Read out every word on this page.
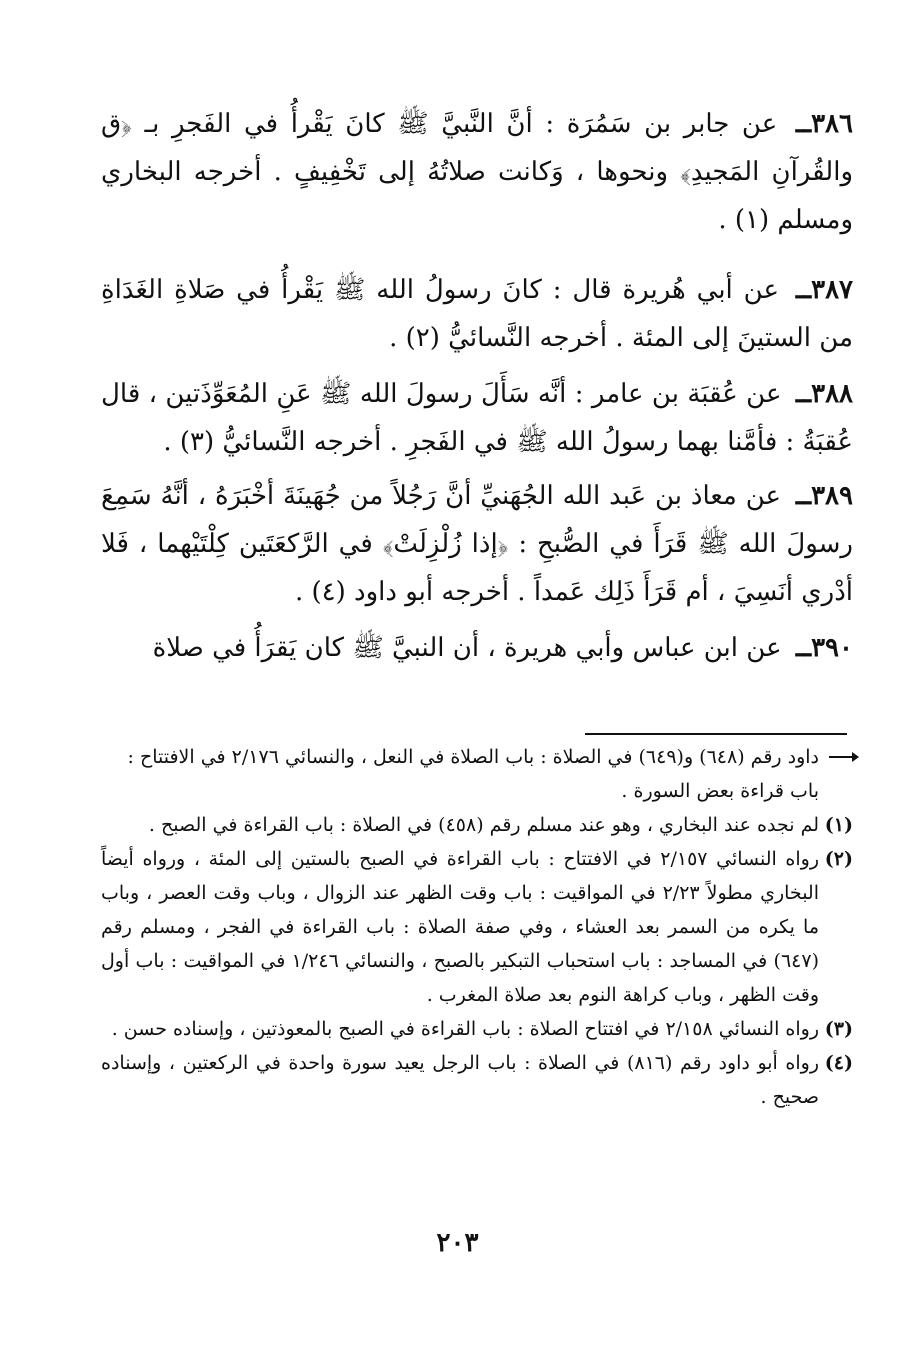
٣٨٦ــ عن جابر بن سَمُرَة : أنَّ النَّبيَّ ﷺ كانَ يَقْرأُ في الفَجرِ بـ ﴿ق والقُرآنِ المَجيدِ﴾ ونحوها ، وَكانت صلاتُهُ إلى تَخْفِيفٍ . أخرجه البخاري ومسلم (١) .

٣٨٧ــ عن أبي هُريرة قال : كانَ رسولُ الله ﷺ يَقْرأُ في صَلاةِ الغَدَاةِ من الستينَ إلى المئة . أخرجه النَّسائيُّ (٢) .

٣٨٨ــ عن عُقبَة بن عامر : أنَّه سَأَلَ رسولَ الله ﷺ عَنِ المُعَوِّذَتين ، قال عُقبَةُ : فأمَّنا بهما رسولُ الله ﷺ في الفَجرِ . أخرجه النَّسائيُّ (٣) .

٣٨٩ــ عن معاذ بن عَبد الله الجُهَنيِّ أنَّ رَجُلاً من جُهَينَةَ أخْبَرَهُ ، أنَّهُ سَمِعَ رسولَ الله ﷺ قَرَأَ في الصُّبحِ : ﴿إذا زُلْزِلَتْ﴾ في الرَّكعَتَين كِلْتَيْهما ، فَلا أدْري أنَسِيَ ، أم قَرَأَ ذَلِك عَمداً . أخرجه أبو داود (٤) .

٣٩٠ــ عن ابن عباس وأبي هريرة ، أن النبيَّ ﷺ كان يَقرَأُ في صلاة

داود رقم (٦٤٨) و(٦٤٩) في الصلاة : باب الصلاة في النعل ، والنسائي ٢/١٧٦ في الافتتاح : باب قراءة بعض السورة .
(١)
لم نجده عند البخاري ، وهو عند مسلم رقم (٤٥٨) في الصلاة : باب القراءة في الصبح .
(٢)
رواه النسائي ٢/١٥٧ في الافتتاح : باب القراءة في الصبح بالستين إلى المئة ، ورواه أيضاً البخاري مطولاً ٢/٢٣ في المواقيت : باب وقت الظهر عند الزوال ، وباب وقت العصر ، وباب ما يكره من السمر بعد العشاء ، وفي صفة الصلاة : باب القراءة في الفجر ، ومسلم رقم (٦٤٧) في المساجد : باب استحباب التبكير بالصبح ، والنسائي ١/٢٤٦ في المواقيت : باب أول وقت الظهر ، وباب كراهة النوم بعد صلاة المغرب .
(٣)
رواه النسائي ٢/١٥٨ في افتتاح الصلاة : باب القراءة في الصبح بالمعوذتين ، وإسناده حسن .
(٤)
رواه أبو داود رقم (٨١٦) في الصلاة : باب الرجل يعيد سورة واحدة في الركعتين ، وإسناده صحيح .
٢٠٣
